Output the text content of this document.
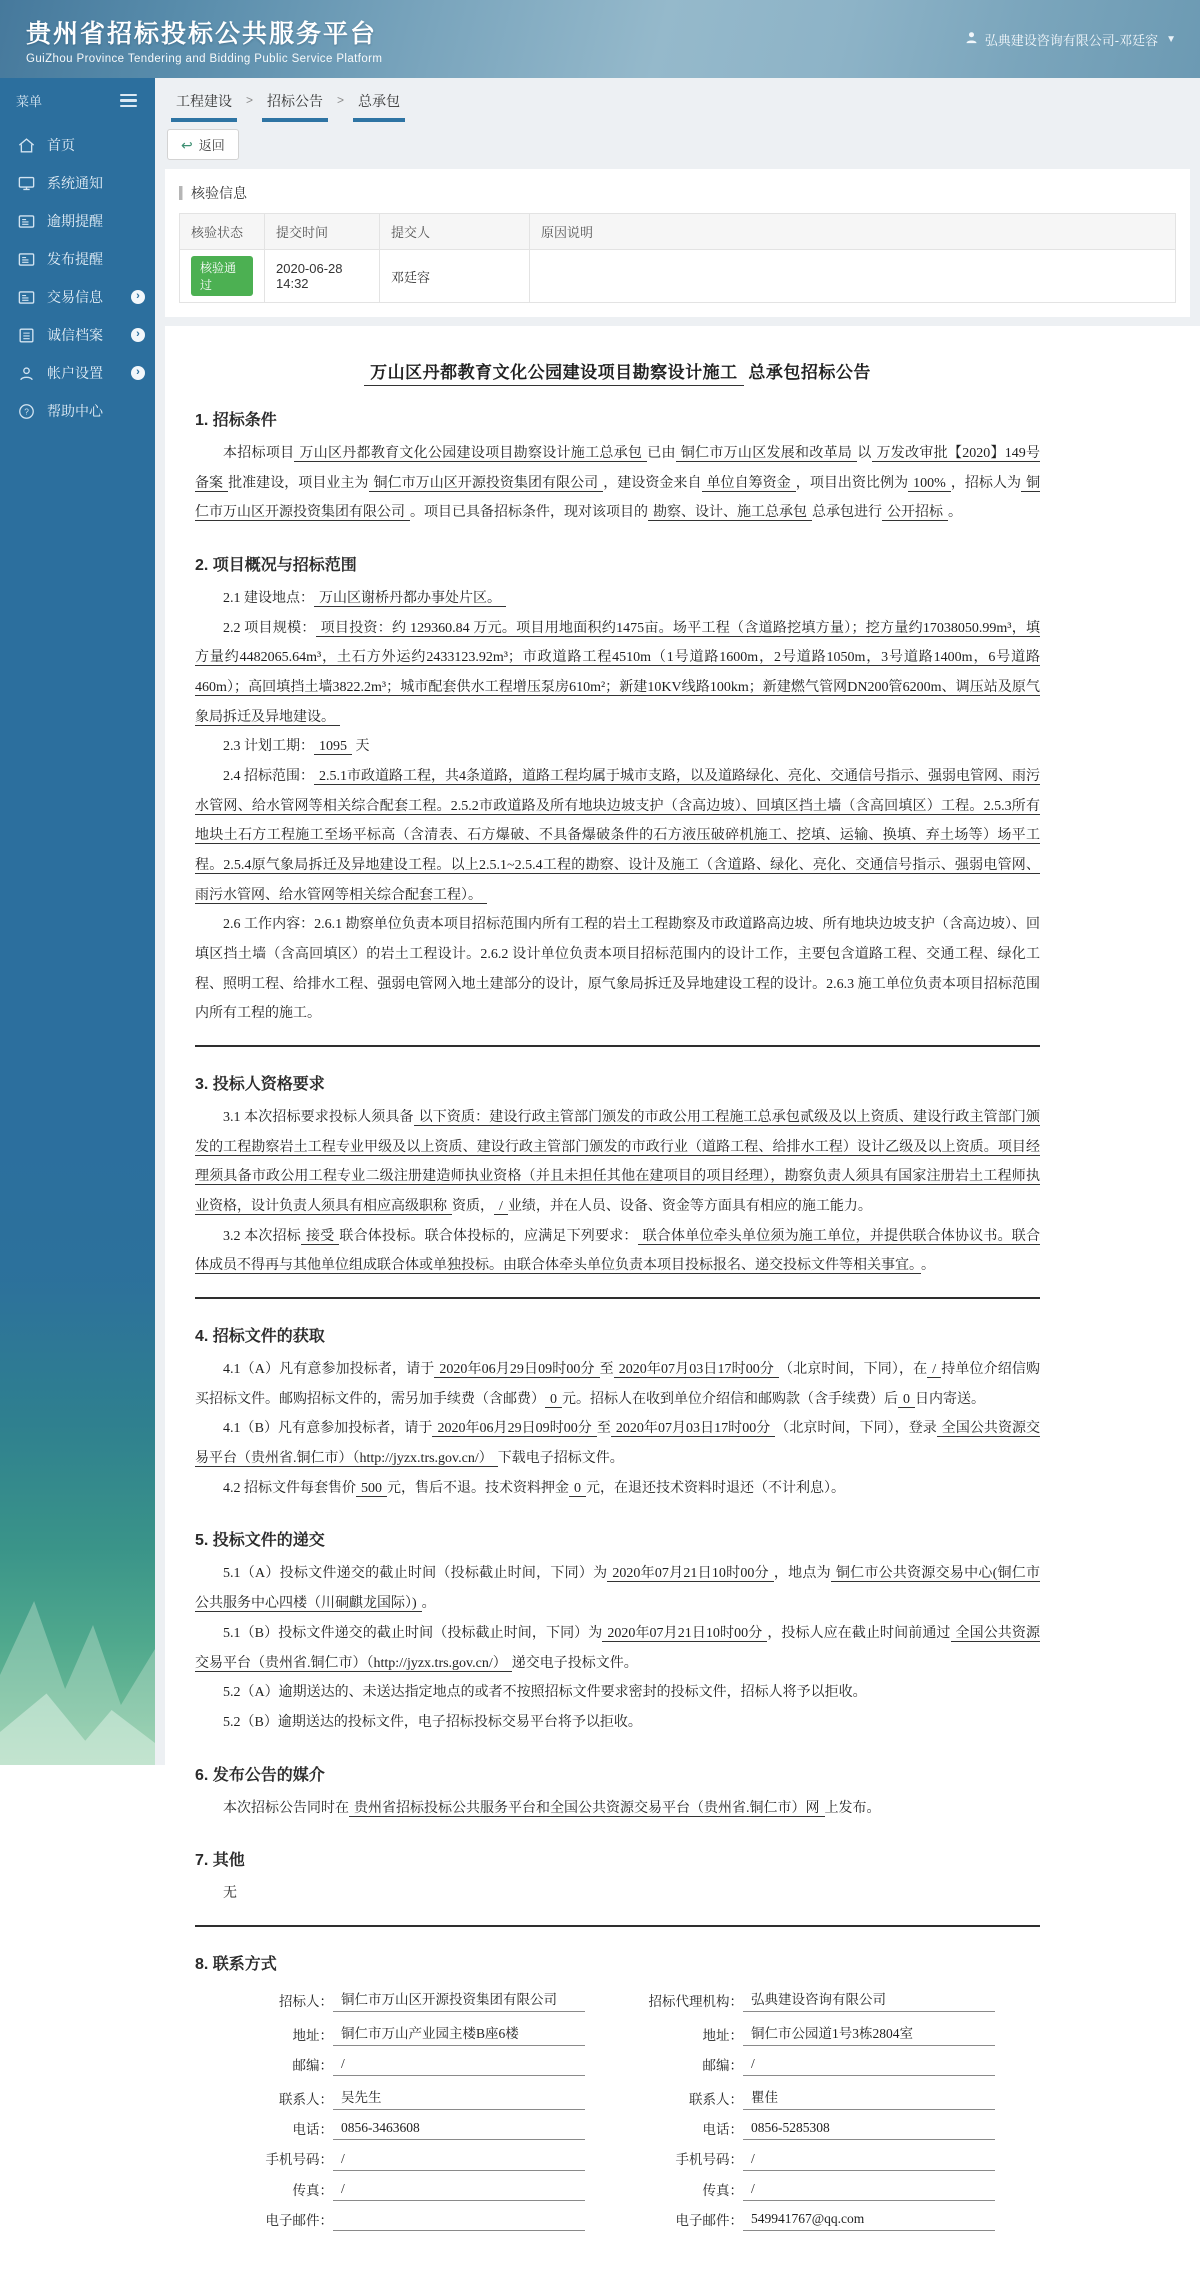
贵州省招标投标公共服务平台
GuiZhou Province Tendering and Bidding Public Service Platform
弘典建设咨询有限公司-邓廷容 ▼
菜单
首页
系统通知
逾期提醒
发布提醒
交易信息	›
诚信档案	›
帐户设置	›
? 帮助中心
工程建设 > 招标公告 > 总承包
↩ 返回
核验信息
核验状态	提交时间	提交人	原因说明
核验通过	2020-06-28 14:32	邓廷容	
万山区丹都教育文化公园建设项目勘察设计施工 总承包招标公告
1. 招标条件

本招标项目 万山区丹都教育文化公园建设项目勘察设计施工总承包 已由 铜仁市万山区发展和改革局 以 万发改审批【2020】149号 备案 批准建设，项目业主为 铜仁市万山区开源投资集团有限公司 ，建设资金来自 单位自筹资金 ，项目出资比例为 100% ，招标人为 铜仁市万山区开源投资集团有限公司 。项目已具备招标条件，现对该项目的 勘察、设计、施工总承包 总承包进行 公开招标 。

2. 项目概况与招标范围

2.1 建设地点： 万山区谢桥丹都办事处片区。

2.2 项目规模： 项目投资：约 129360.84 万元。项目用地面积约1475亩。场平工程（含道路挖填方量）；挖方量约17038050.99m³，填方量约4482065.64m³，土石方外运约2433123.92m³；市政道路工程4510m（1号道路1600m，2号道路1050m，3号道路1400m，6号道路460m）；高回填挡土墙3822.2m³；城市配套供水工程增压泵房610m²；新建10KV线路100km；新建燃气管网DN200管6200m、调压站及原气象局拆迁及异地建设。

2.3 计划工期： 1095 天

2.4 招标范围： 2.5.1市政道路工程，共4条道路，道路工程均属于城市支路，以及道路绿化、亮化、交通信号指示、强弱电管网、雨污水管网、给水管网等相关综合配套工程。2.5.2市政道路及所有地块边坡支护（含高边坡）、回填区挡土墙（含高回填区）工程。2.5.3所有地块土石方工程施工至场平标高（含清表、石方爆破、不具备爆破条件的石方液压破碎机施工、挖填、运输、换填、弃土场等）场平工程。2.5.4原气象局拆迁及异地建设工程。以上2.5.1~2.5.4工程的勘察、设计及施工（含道路、绿化、亮化、交通信号指示、强弱电管网、雨污水管网、给水管网等相关综合配套工程）。

2.6 工作内容：2.6.1 勘察单位负责本项目招标范围内所有工程的岩土工程勘察及市政道路高边坡、所有地块边坡支护（含高边坡）、回填区挡土墙（含高回填区）的岩土工程设计。2.6.2 设计单位负责本项目招标范围内的设计工作，主要包含道路工程、交通工程、绿化工程、照明工程、给排水工程、强弱电管网入地土建部分的设计，原气象局拆迁及异地建设工程的设计。2.6.3 施工单位负责本项目招标范围内所有工程的施工。

3. 投标人资格要求

3.1 本次招标要求投标人须具备 以下资质：建设行政主管部门颁发的市政公用工程施工总承包贰级及以上资质、建设行政主管部门颁发的工程勘察岩土工程专业甲级及以上资质、建设行政主管部门颁发的市政行业（道路工程、给排水工程）设计乙级及以上资质。项目经理须具备市政公用工程专业二级注册建造师执业资格（并且未担任其他在建项目的项目经理），勘察负责人须具有国家注册岩土工程师执业资格，设计负责人须具有相应高级职称 资质， / 业绩，并在人员、设备、资金等方面具有相应的施工能力。

3.2 本次招标 接受 联合体投标。联合体投标的，应满足下列要求： 联合体单位牵头单位须为施工单位，并提供联合体协议书。联合体成员不得再与其他单位组成联合体或单独投标。由联合体牵头单位负责本项目投标报名、递交投标文件等相关事宜。 。

4. 招标文件的获取

4.1（A）凡有意参加投标者，请于 2020年06月29日09时00分 至 2020年07月03日17时00分 （北京时间，下同），在 / 持单位介绍信购买招标文件。邮购招标文件的，需另加手续费（含邮费） 0 元。招标人在收到单位介绍信和邮购款（含手续费）后 0 日内寄送。

4.1（B）凡有意参加投标者，请于 2020年06月29日09时00分 至 2020年07月03日17时00分 （北京时间，下同），登录 全国公共资源交易平台（贵州省.铜仁市）（http://jyzx.trs.gov.cn/） 下载电子招标文件。

4.2 招标文件每套售价 500 元，售后不退。技术资料押金 0 元，在退还技术资料时退还（不计利息）。

5. 投标文件的递交

5.1（A）投标文件递交的截止时间（投标截止时间，下同）为 2020年07月21日10时00分 ，地点为 铜仁市公共资源交易中心(铜仁市公共服务中心四楼（川硐麒龙国际）) 。

5.1（B）投标文件递交的截止时间（投标截止时间，下同）为 2020年07月21日10时00分 ，投标人应在截止时间前通过 全国公共资源交易平台（贵州省.铜仁市）（http://jyzx.trs.gov.cn/） 递交电子投标文件。

5.2（A）逾期送达的、未送达指定地点的或者不按照招标文件要求密封的投标文件，招标人将予以拒收。

5.2（B）逾期送达的投标文件，电子招标投标交易平台将予以拒收。

6. 发布公告的媒介

本次招标公告同时在 贵州省招标投标公共服务平台和全国公共资源交易平台（贵州省.铜仁市）网 上发布。

7. 其他

无

8. 联系方式
招标人： 铜仁市万山区开源投资集团有限公司
地址： 铜仁市万山产业园主楼B座6楼
邮编： /
联系人： 吴先生
电话： 0856-3463608
手机号码： /
传真： /
电子邮件：
招标代理机构： 弘典建设咨询有限公司
地址： 铜仁市公园道1号3栋2804室
邮编： /
联系人： 瞿佳
电话： 0856-5285308
手机号码： /
传真： /
电子邮件： 549941767@qq.com
